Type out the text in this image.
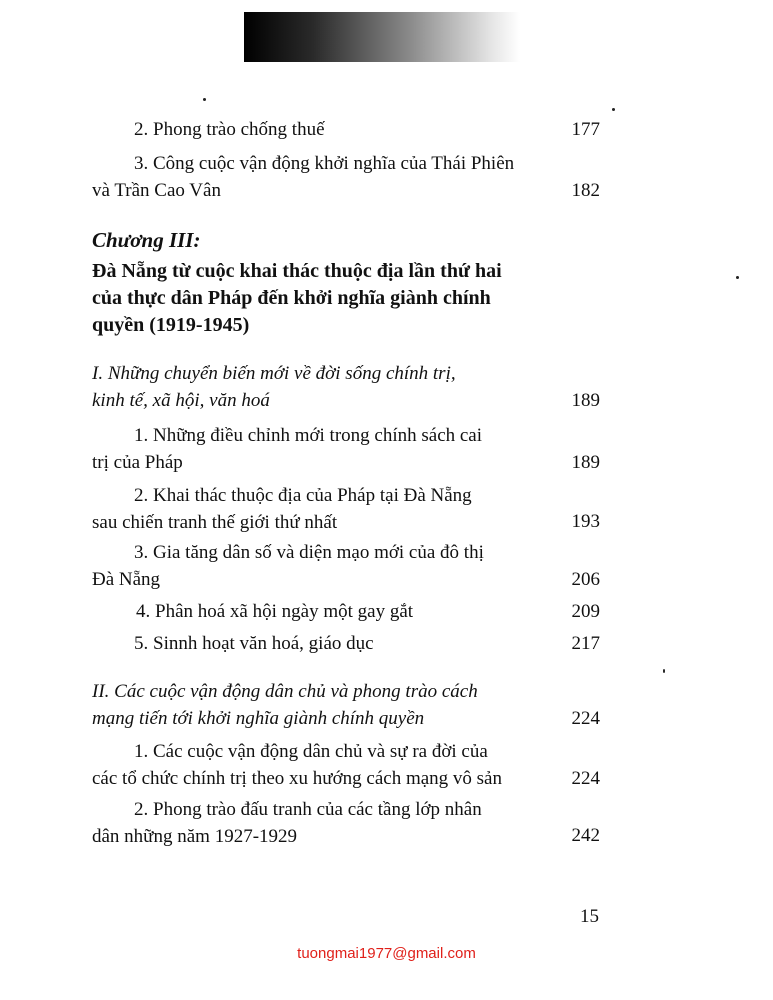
2. Phong trào chống thuế	177
3. Công cuộc vận động khởi nghĩa của Thái Phiên
và Trần Cao Vân	182
Chương III:
Đà Nẵng từ cuộc khai thác thuộc địa lần thứ hai
của thực dân Pháp đến khởi nghĩa giành chính
quyền (1919-1945)
I. Những chuyển biến mới về đời sống chính trị,
kinh tế, xã hội, văn hoá	189
1. Những điều chỉnh mới trong chính sách cai
trị của Pháp	189
2. Khai thác thuộc địa của Pháp tại Đà Nẵng
sau chiến tranh thế giới thứ nhất	193
3. Gia tăng dân số và diện mạo mới của đô thị
Đà Nẵng	206
4. Phân hoá xã hội ngày một gay gắt	209
5. Sinnh hoạt văn hoá, giáo dục	217
II. Các cuộc vận động dân chủ và phong trào cách
mạng tiến tới khởi nghĩa giành chính quyền	224
1. Các cuộc vận động dân chủ và sự ra đời của
các tổ chức chính trị theo xu hướng cách mạng vô sản	224
2. Phong trào đấu tranh của các tầng lớp nhân
dân những năm 1927-1929	242
15
tuongmai1977@gmail.com
